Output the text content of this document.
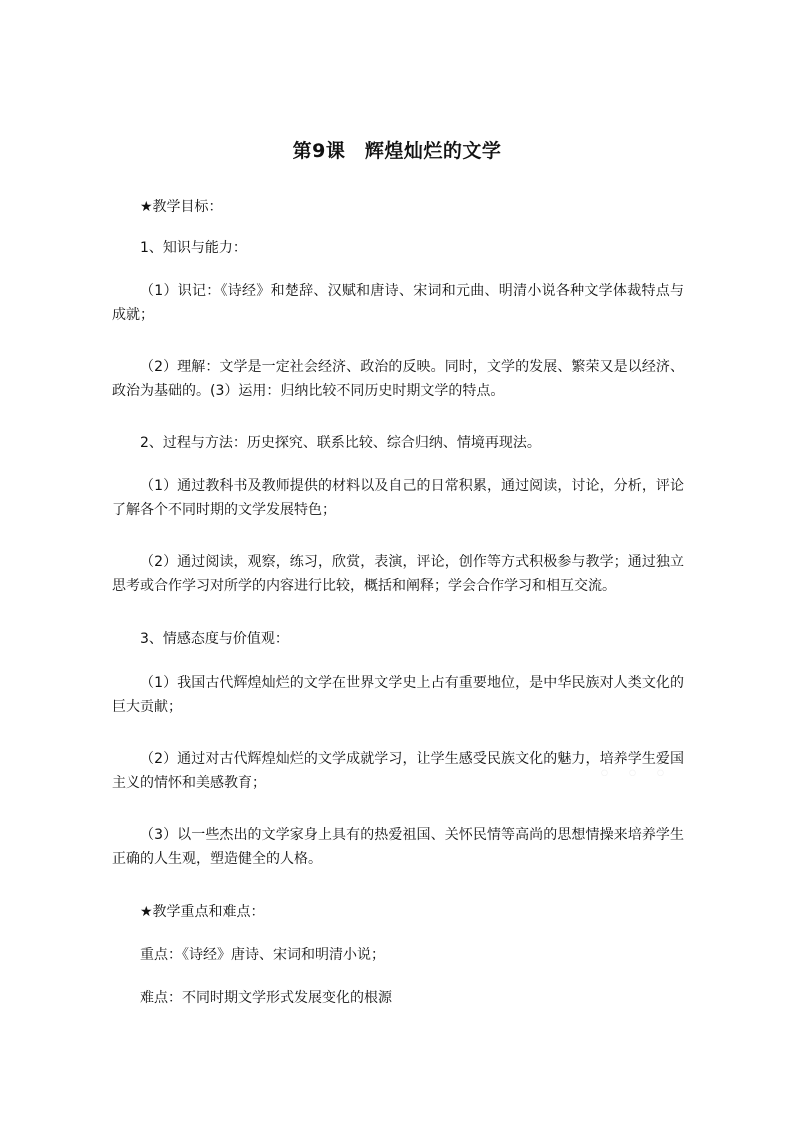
第9课　辉煌灿烂的文学

★教学目标：

1、知识与能力：

（1）识记：《诗经》和楚辞、汉赋和唐诗、宋词和元曲、明清小说各种文学体裁特点与成就；

（2）理解：文学是一定社会经济、政治的反映。同时，文学的发展、繁荣又是以经济、政治为基础的。(3）运用：归纳比较不同历史时期文学的特点。

2、过程与方法：历史探究、联系比较、综合归纳、情境再现法。

（1）通过教科书及教师提供的材料以及自己的日常积累，通过阅读，讨论，分析，评论了解各个不同时期的文学发展特色；

（2）通过阅读，观察，练习，欣赏，表演，评论，创作等方式积极参与教学；通过独立思考或合作学习对所学的内容进行比较，概括和阐释；学会合作学习和相互交流。

3、情感态度与价值观：

（1）我国古代辉煌灿烂的文学在世界文学史上占有重要地位，是中华民族对人类文化的巨大贡献；

（2）通过对古代辉煌灿烂的文学成就学习，让学生感受民族文化的魅力，培养学生爱国主义的情怀和美感教育；

（3）以一些杰出的文学家身上具有的热爱祖国、关怀民情等高尚的思想情操来培养学生正确的人生观，塑造健全的人格。

★教学重点和难点：

重点：《诗经》唐诗、宋词和明清小说；

难点：不同时期文学形式发展变化的根源

◦ ◦ ◦
